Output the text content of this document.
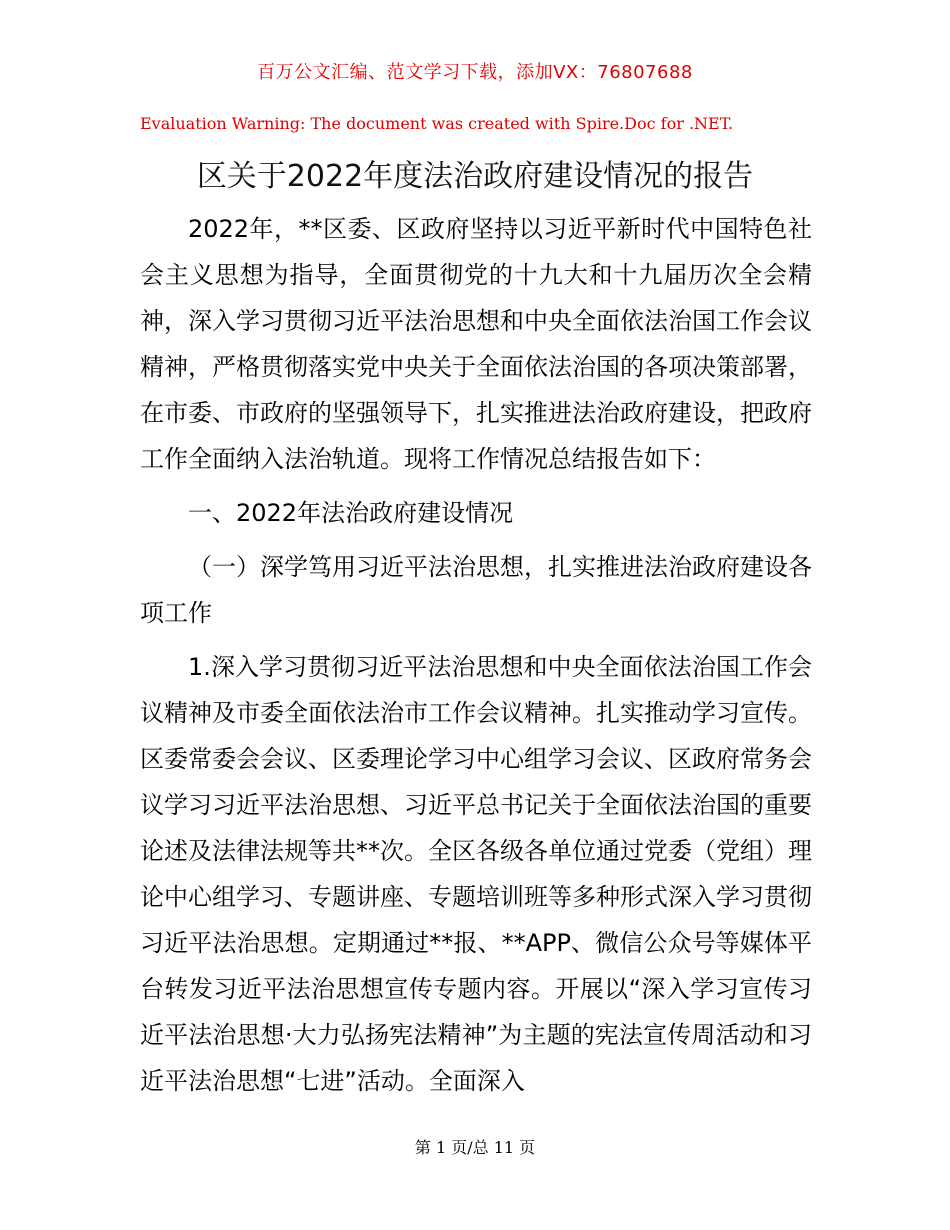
百万公文汇编、范文学习下载，添加VX：76807688
Evaluation Warning: The document was created with Spire.Doc for .NET.
区关于2022年度法治政府建设情况的报告

2022年，**区委、区政府坚持以习近平新时代中国特色社会主义思想为指导，全面贯彻党的十九大和十九届历次全会精神，深入学习贯彻习近平法治思想和中央全面依法治国工作会议精神，严格贯彻落实党中央关于全面依法治国的各项决策部署，在市委、市政府的坚强领导下，扎实推进法治政府建设，把政府工作全面纳入法治轨道。现将工作情况总结报告如下：

一、2022年法治政府建设情况

（一）深学笃用习近平法治思想，扎实推进法治政府建设各项工作

1.深入学习贯彻习近平法治思想和中央全面依法治国工作会议精神及市委全面依法治市工作会议精神。扎实推动学习宣传。区委常委会会议、区委理论学习中心组学习会议、区政府常务会议学习习近平法治思想、习近平总书记关于全面依法治国的重要论述及法律法规等共**次。全区各级各单位通过党委（党组）理论中心组学习、专题讲座、专题培训班等多种形式深入学习贯彻习近平法治思想。定期通过**报、**APP、微信公众号等媒体平台转发习近平法治思想宣传专题内容。开展以“深入学习宣传习近平法治思想·大力弘扬宪法精神”为主题的宪法宣传周活动和习近平法治思想“七进”活动。全面深入

第 1 页/总 11 页
